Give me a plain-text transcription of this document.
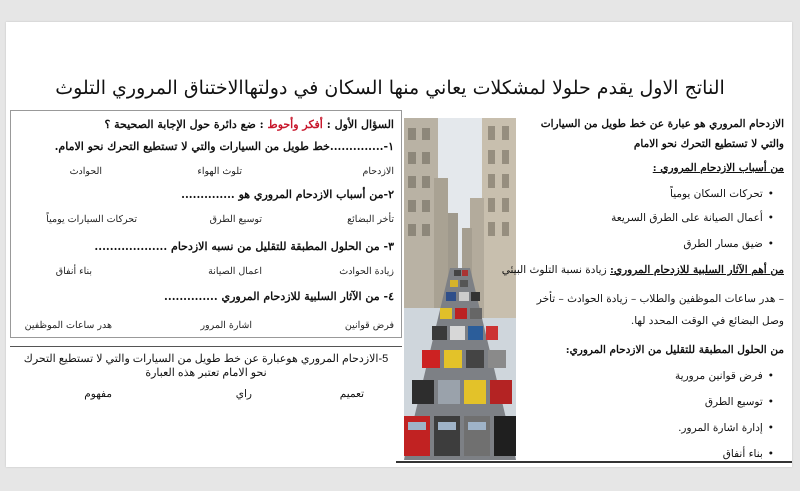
الناتج الاول يقدم حلولا لمشكلات يعاني منها السكان في دولتهاالاختناق المروري التلوث
السؤال الأول : أفكر وأحوط : ضع دائرة حول الإجابة الصحيحة ؟
١-..............خط طويل من السيارات والتي لا تستطيع التحرك نحو الامام.
الازدحام
تلوث الهواء
الحوادث
٢-من أسباب الازدحام المروري هو ..............
تأخر البضائع
توسيع الطرق
تحركات السيارات يومياً
٣- من الحلول المطبقة للتقليل من نسبه الازدحام ...................
زيادة الحوادث
اعمال الصيانة
بناء أنفاق
٤- من الآثار السلبية للازدحام المروري ..............
فرض قوانين
اشارة المرور
هدر ساعات الموظفين
5-الازدحام المروري هوعبارة عن خط طويل من السيارات والتي لا تستطيع التحرك نحو الامام تعتبر هذه العبارة
تعميم
راي
مفهوم
الازدحام المروري هو عبارة عن خط طويل من السيارات والتي لا تستطيع التحرك نحو الامام
من أسباب الازدحام المروري :
• تحركات السكان يومياً
• أعمال الصيانة على الطرق السريعة
• ضيق مسار الطرق
من أهم الآثار السلبية للازدحام المروري: زيادة نسبة التلوث البيئي
– هدر ساعات الموظفين والطلاب – زيادة الحوادث – تأخر وصل البضائع في الوقت المحدد لها.
من الحلول المطبقة للتقليل من الازدحام المروري:
• فرض قوانين مرورية
• توسيع الطرق
• إدارة اشارة المرور.
• بناء أنفاق
